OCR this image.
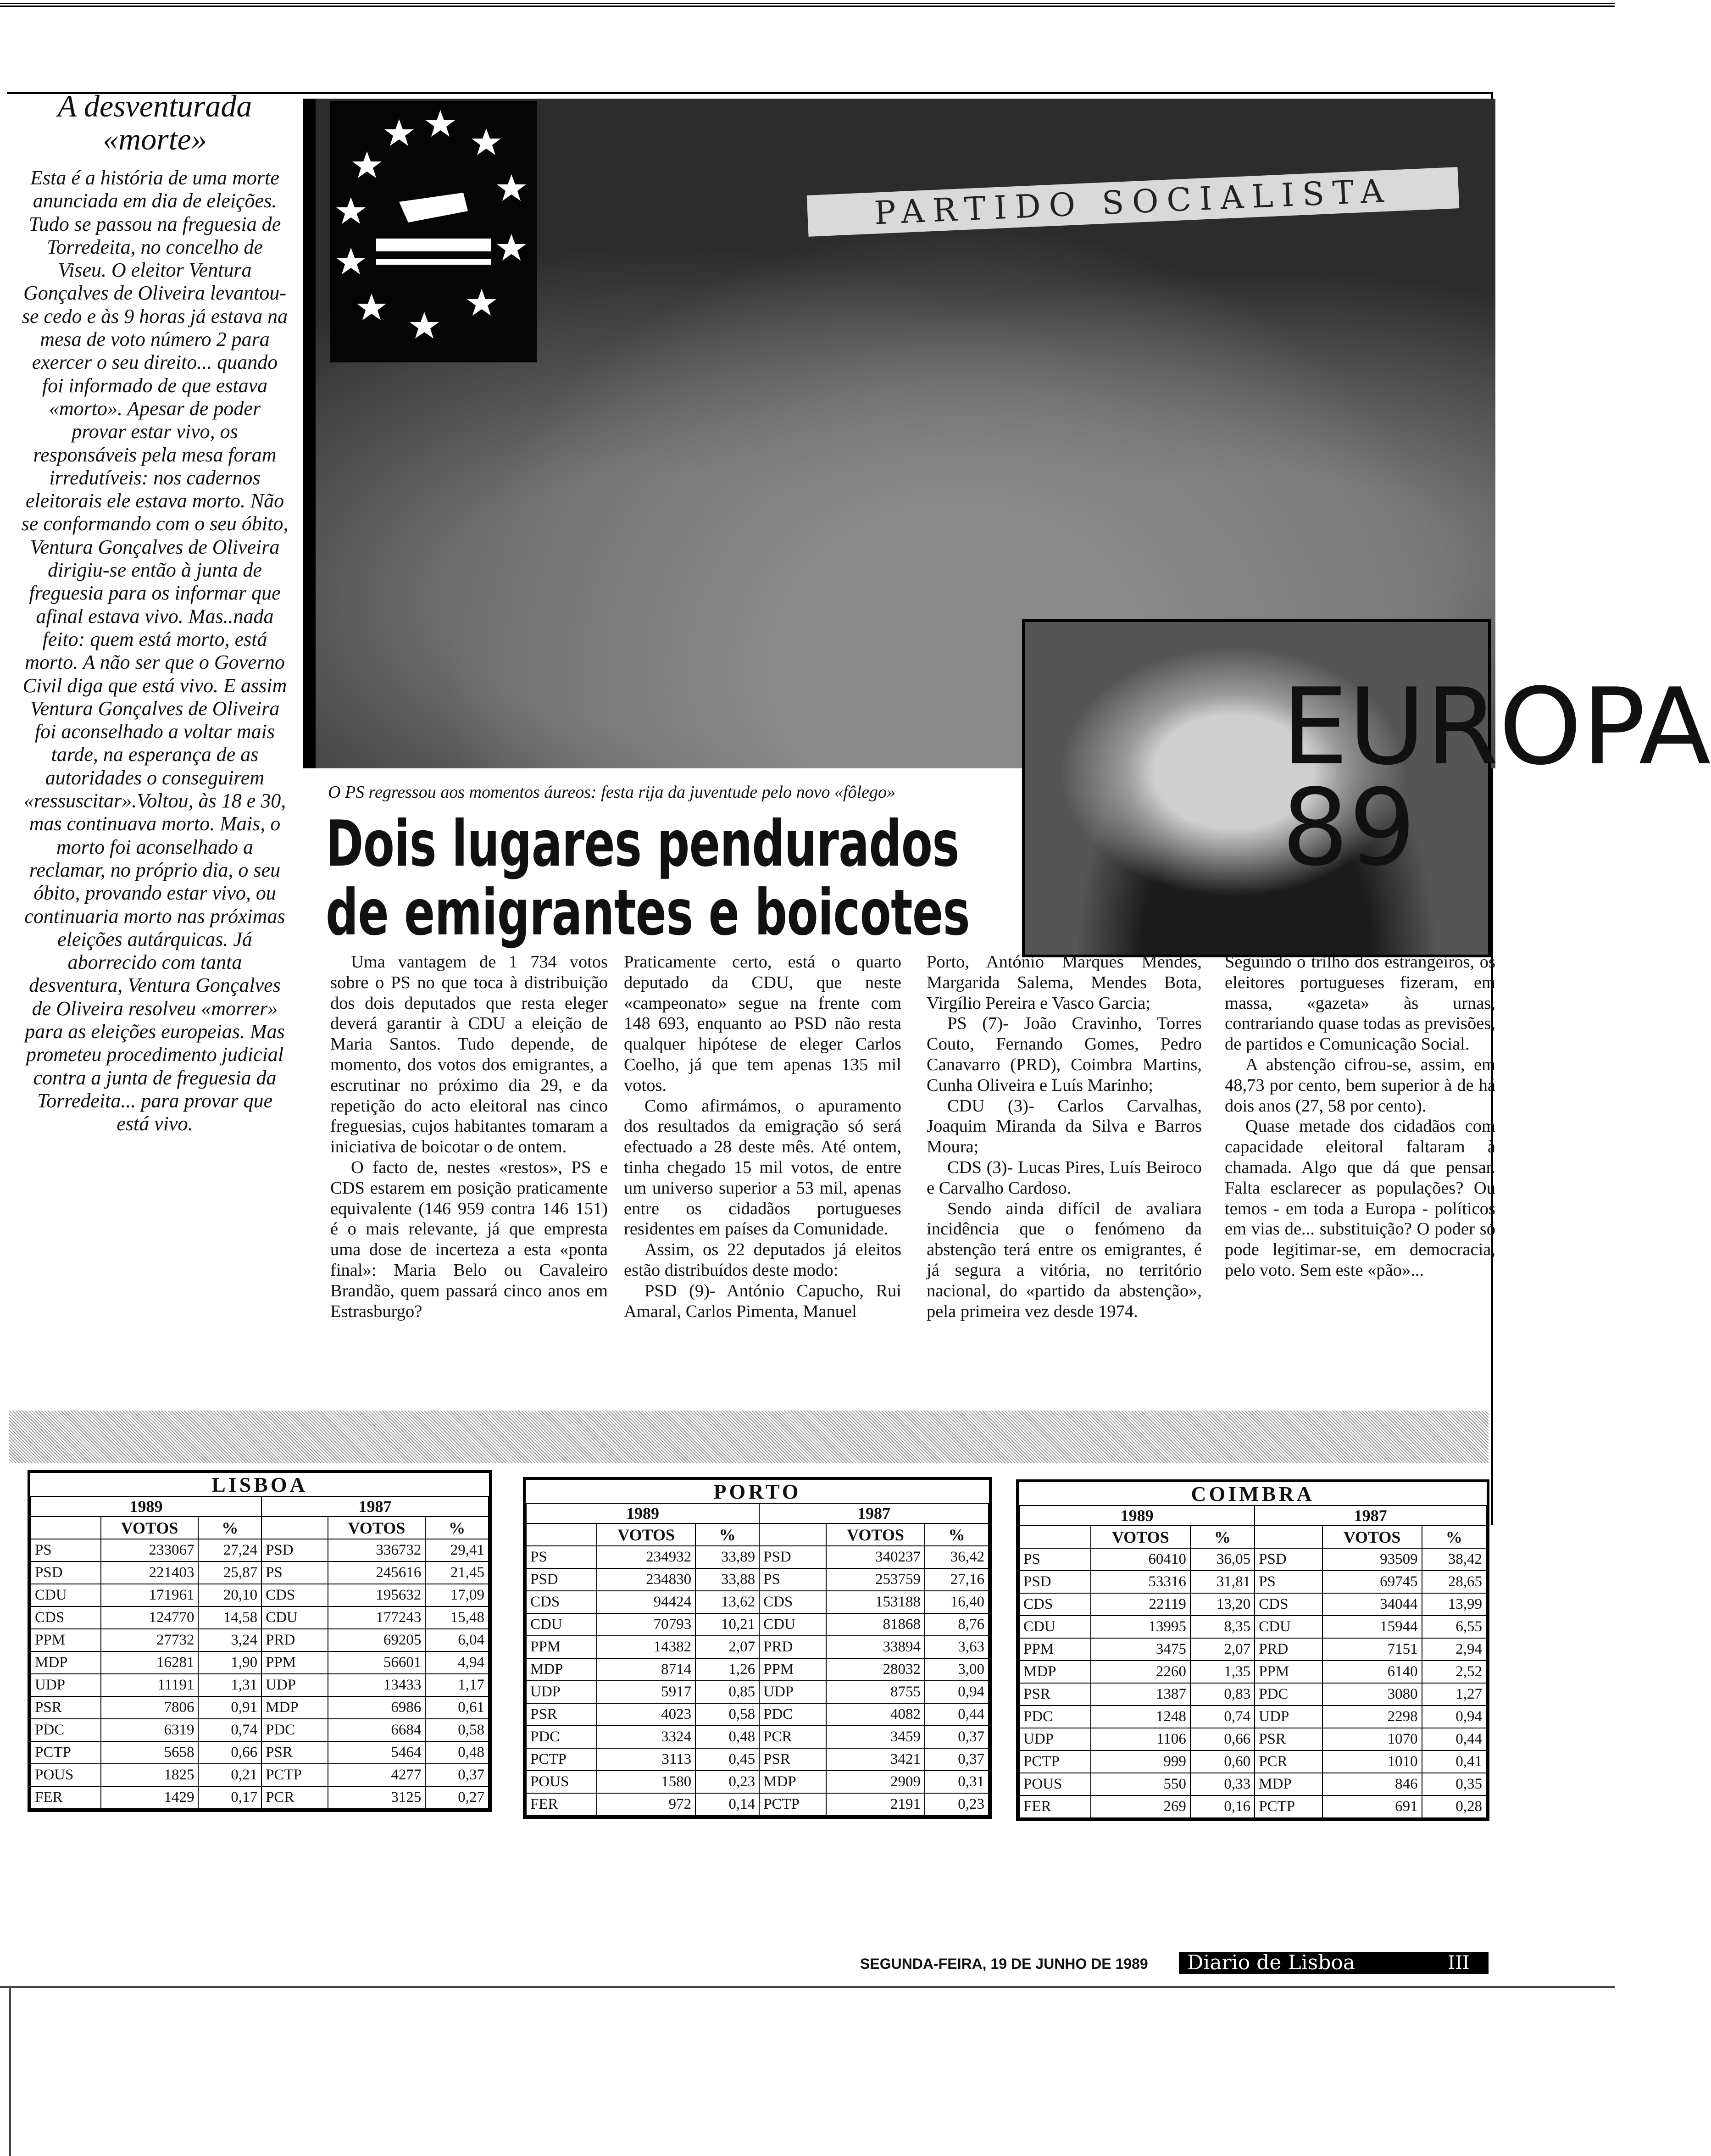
A desventurada
«morte»
Esta é a história de uma morte anunciada em dia de eleições. Tudo se passou na freguesia de Torredeita, no concelho de Viseu. O eleitor Ventura Gonçalves de Oliveira levantou-se cedo e às 9 horas já estava na mesa de voto número 2 para exercer o seu direito... quando foi informado de que estava «morto». Apesar de poder provar estar vivo, os responsáveis pela mesa foram irredutíveis: nos cadernos eleitorais ele estava morto. Não se conformando com o seu óbito, Ventura Gonçalves de Oliveira dirigiu-se então à junta de freguesia para os informar que afinal estava vivo. Mas..nada feito: quem está morto, está morto. A não ser que o Governo Civil diga que está vivo. E assim Ventura Gonçalves de Oliveira foi aconselhado a voltar mais tarde, na esperança de as autoridades o conseguirem «ressuscitar».Voltou, às 18 e 30, mas continuava morto. Mais, o morto foi aconselhado a reclamar, no próprio dia, o seu óbito, provando estar vivo, ou continuaria morto nas próximas eleições autárquicas. Já aborrecido com tanta desventura, Ventura Gonçalves de Oliveira resolveu «morrer» para as eleições europeias. Mas prometeu procedimento judicial contra a junta de freguesia da Torredeita... para provar que está vivo.
PARTIDO SOCIALISTA
O PS regressou aos momentos áureos: festa rija da juventude pelo novo «fôlego»
EUROPA 89
Dois lugares pendurados
de emigrantes e boicotes

Uma vantagem de 1 734 votos sobre o PS no que toca à distribuição dos dois deputados que resta eleger deverá garantir à CDU a eleição de Maria Santos. Tudo depende, de momento, dos votos dos emigrantes, a escrutinar no próximo dia 29, e da repetição do acto eleitoral nas cinco freguesias, cujos habitantes tomaram a iniciativa de boicotar o de ontem.

O facto de, nestes «restos», PS e CDS estarem em posição praticamente equivalente (146 959 contra 146 151) é o mais relevante, já que empresta uma dose de incerteza a esta «ponta final»: Maria Belo ou Cavaleiro Brandão, quem passará cinco anos em Estrasburgo?

Praticamente certo, está o quarto deputado da CDU, que neste «campeonato» segue na frente com 148 693, enquanto ao PSD não resta qualquer hipótese de eleger Carlos Coelho, já que tem apenas 135 mil votos.

Como afirmámos, o apuramento dos resultados da emigração só será efectuado a 28 deste mês. Até ontem, tinha chegado 15 mil votos, de entre um universo superior a 53 mil, apenas entre os cidadãos portugueses residentes em países da Comunidade.

Assim, os 22 deputados já eleitos estão distribuídos deste modo:

PSD (9)- António Capucho, Rui Amaral, Carlos Pimenta, Manuel

Porto, António Marques Mendes, Margarida Salema, Mendes Bota, Virgílio Pereira e Vasco Garcia;

PS (7)- João Cravinho, Torres Couto, Fernando Gomes, Pedro Canavarro (PRD), Coimbra Martins, Cunha Oliveira e Luís Marinho;

CDU (3)- Carlos Carvalhas, Joaquim Miranda da Silva e Barros Moura;

CDS (3)- Lucas Pires, Luís Beiroco e Carvalho Cardoso.

Sendo ainda difícil de avaliara incidência que o fenómeno da abstenção terá entre os emigrantes, é já segura a vitória, no território nacional, do «partido da abstenção», pela primeira vez desde 1974.

Seguindo o trilho dos estrangeiros, os eleitores portugueses fizeram, em massa, «gazeta» às urnas, contrariando quase todas as previsões, de partidos e Comunicação Social.

A abstenção cifrou-se, assim, em 48,73 por cento, bem superior à de há dois anos (27, 58 por cento).

Quase metade dos cidadãos com capacidade eleitoral faltaram à chamada. Algo que dá que pensar. Falta esclarecer as populações? Ou temos - em toda a Europa - políticos em vias de... substituição? O poder só pode legitimar-se, em democracia, pelo voto. Sem este «pão»...

LISBOA
1989			1987		
	VOTOS	%		VOTOS	%
PS	233067	27,24	PSD	336732	29,41
PSD	221403	25,87	PS	245616	21,45
CDU	171961	20,10	CDS	195632	17,09
CDS	124770	14,58	CDU	177243	15,48
PPM	27732	3,24	PRD	69205	6,04
MDP	16281	1,90	PPM	56601	4,94
UDP	11191	1,31	UDP	13433	1,17
PSR	7806	0,91	MDP	6986	0,61
PDC	6319	0,74	PDC	6684	0,58
PCTP	5658	0,66	PSR	5464	0,48
POUS	1825	0,21	PCTP	4277	0,37
FER	1429	0,17	PCR	3125	0,27
PORTO
1989			1987		
	VOTOS	%		VOTOS	%
PS	234932	33,89	PSD	340237	36,42
PSD	234830	33,88	PS	253759	27,16
CDS	94424	13,62	CDS	153188	16,40
CDU	70793	10,21	CDU	81868	8,76
PPM	14382	2,07	PRD	33894	3,63
MDP	8714	1,26	PPM	28032	3,00
UDP	5917	0,85	UDP	8755	0,94
PSR	4023	0,58	PDC	4082	0,44
PDC	3324	0,48	PCR	3459	0,37
PCTP	3113	0,45	PSR	3421	0,37
POUS	1580	0,23	MDP	2909	0,31
FER	972	0,14	PCTP	2191	0,23
COIMBRA
1989			1987		
	VOTOS	%		VOTOS	%
PS	60410	36,05	PSD	93509	38,42
PSD	53316	31,81	PS	69745	28,65
CDS	22119	13,20	CDS	34044	13,99
CDU	13995	8,35	CDU	15944	6,55
PPM	3475	2,07	PRD	7151	2,94
MDP	2260	1,35	PPM	6140	2,52
PSR	1387	0,83	PDC	3080	1,27
PDC	1248	0,74	UDP	2298	0,94
UDP	1106	0,66	PSR	1070	0,44
PCTP	999	0,60	PCR	1010	0,41
POUS	550	0,33	MDP	846	0,35
FER	269	0,16	PCTP	691	0,28
SEGUNDA-FEIRA, 19 DE JUNHO DE 1989	Diario de Lisboa	III
